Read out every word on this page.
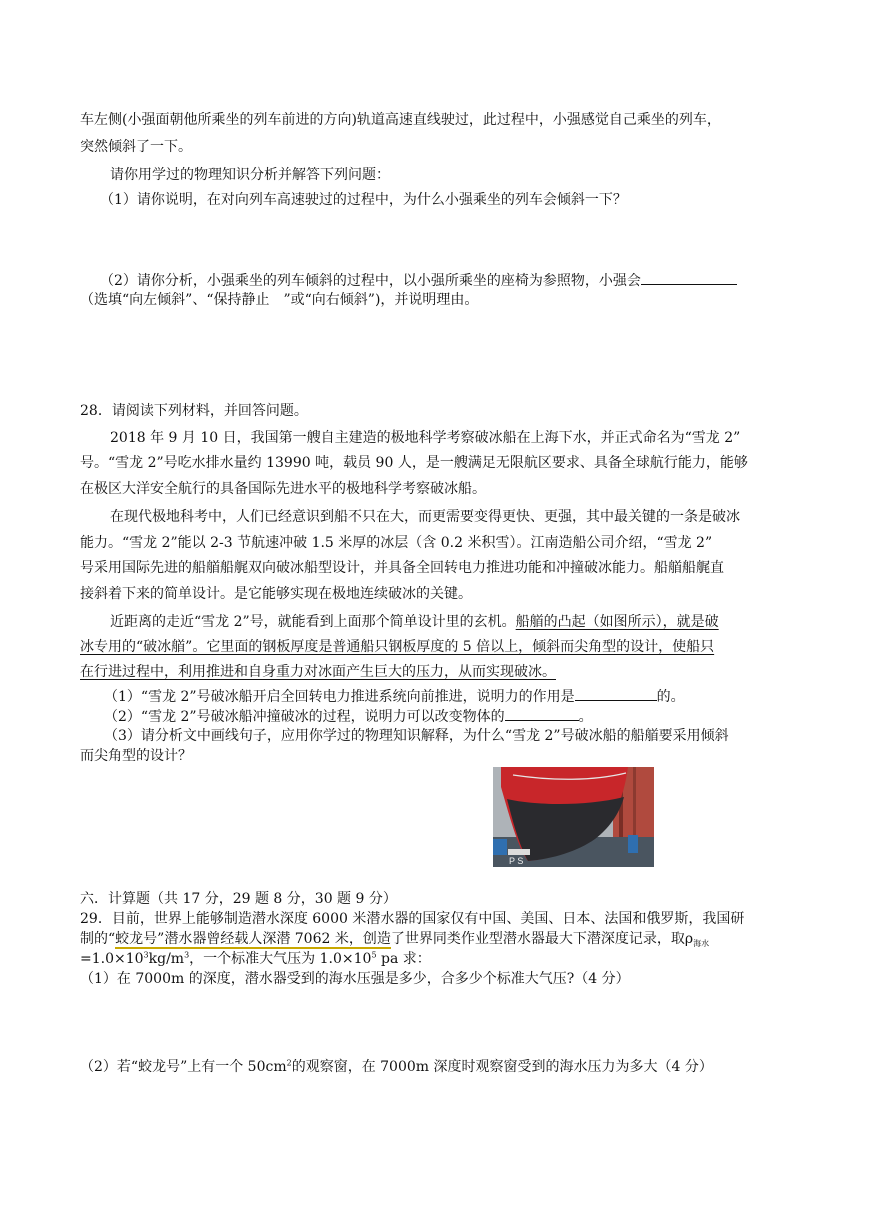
车左侧(小强面朝他所乘坐的列车前进的方向)轨道高速直线驶过，此过程中，小强感觉自己乘坐的列车，
突然倾斜了一下。
请你用学过的物理知识分析并解答下列问题：
（1）请你说明，在对向列车高速驶过的过程中，为什么小强乘坐的列车会倾斜一下？
（2）请你分析，小强乘坐的列车倾斜的过程中，以小强所乘坐的座椅为参照物，小强会
（选填“向左倾斜”、“保持静止　”或“向右倾斜”)，并说明理由。
28．请阅读下列材料，并回答问题。
2018 年 9 月 10 日，我国第一艘自主建造的极地科学考察破冰船在上海下水，并正式命名为“雪龙 2”
号。“雪龙 2”号吃水排水量约 13990 吨，载员 90 人，是一艘满足无限航区要求、具备全球航行能力，能够
在极区大洋安全航行的具备国际先进水平的极地科学考察破冰船。
在现代极地科考中，人们已经意识到船不只在大，而更需要变得更快、更强，其中最关键的一条是破冰
能力。“雪龙 2”能以 2-3 节航速冲破 1.5 米厚的冰层（含 0.2 米积雪）。江南造船公司介绍，“雪龙 2”
号采用国际先进的船艏船艉双向破冰船型设计，并具备全回转电力推进功能和冲撞破冰能力。船艏船艉直
接斜着下来的简单设计。是它能够实现在极地连续破冰的关键。
近距离的走近“雪龙 2”号，就能看到上面那个简单设计里的玄机。船艏的凸起（如图所示），就是破
冰专用的“破冰艏”。它里面的钢板厚度是普通船只钢板厚度的 5 倍以上，倾斜而尖角型的设计，使船只
在行进过程中，利用推进和自身重力对冰面产生巨大的压力，从而实现破冰。
（1）“雪龙 2”号破冰船开启全回转电力推进系统向前推进，说明力的作用是	的。
（2）“雪龙 2”号破冰船冲撞破冰的过程，说明力可以改变物体的	。
（3）请分析文中画线句子，应用你学过的物理知识解释，为什么“雪龙 2”号破冰船的船艏要采用倾斜
而尖角型的设计？
P S
六．计算题（共 17 分，29 题 8 分，30 题 9 分）
29．目前，世界上能够制造潜水深度 6000 米潜水器的国家仅有中国、美国、日本、法国和俄罗斯，我国研
制的“蛟龙号”潜水器曾经载人深潜 7062 米，创造了世界同类作业型潜水器最大下潜深度记录，取$\rho_{海水}$
$=1.0\times 10^3kg/m^3$，一个标准大气压为 $1.0\times 10^5$ pa 求：
（1）在 7000m 的深度，潜水器受到的海水压强是多少，合多少个标准大气压?（4 分）
（2）若“蛟龙号”上有一个 $50cm^2$的观察窗，在 7000m 深度时观察窗受到的海水压力为多大（4 分）
